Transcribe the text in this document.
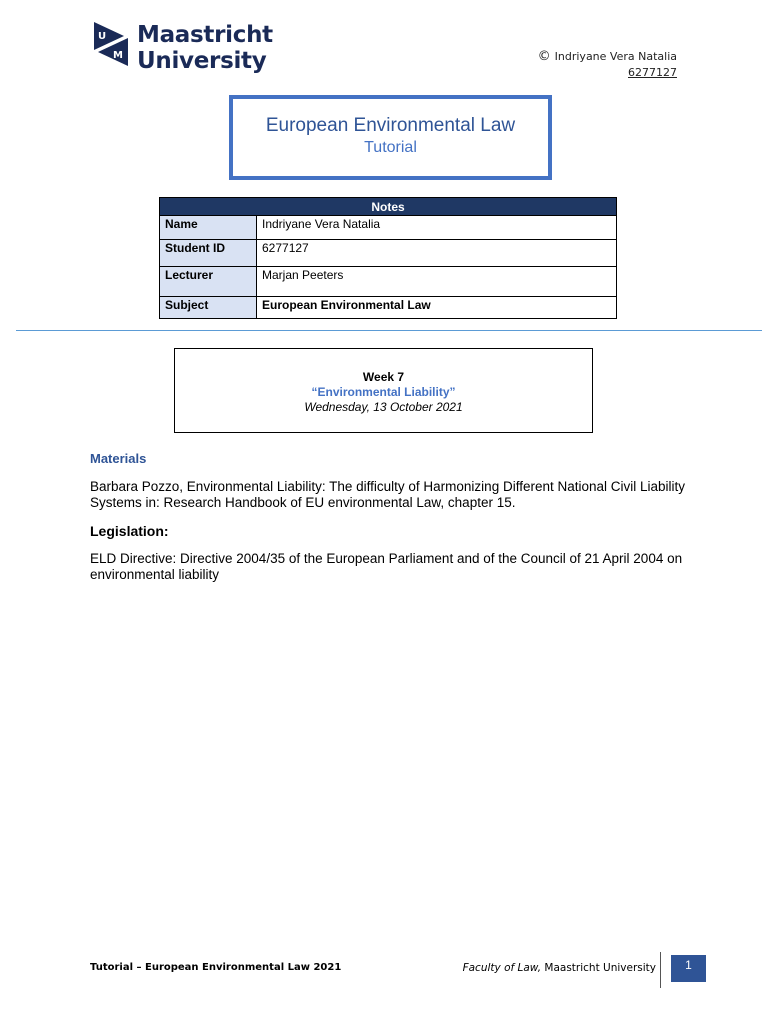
U
M
Maastricht
University	© Indriyane Vera Natalia
6277127
European Environmental Law
Tutorial
Notes	
Name	Indriyane Vera Natalia
Student ID	6277127
Lecturer	Marjan Peeters
Subject	European Environmental Law
Week 7
“Environmental Liability”
Wednesday, 13 October 2021
Materials
Barbara Pozzo, Environmental Liability: The difficulty of Harmonizing Different National Civil Liability Systems in: Research Handbook of EU environmental Law, chapter 15.
Legislation:
ELD Directive: Directive 2004/35 of the European Parliament and of the Council of 21 April 2004 on environmental liability
Tutorial – European Environmental Law 2021	Faculty of Law, Maastricht University	1
